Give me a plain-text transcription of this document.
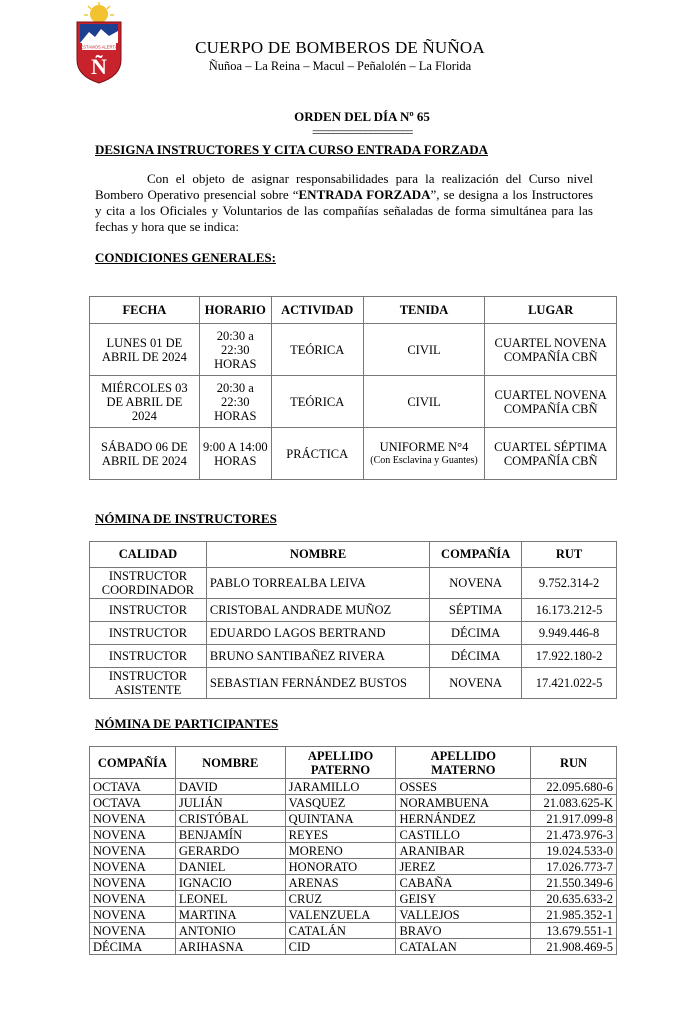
ESTAMOS ALERTA
Ñ
CUERPO DE BOMBEROS DE ÑUÑOA
Ñuñoa – La Reina – Macul – Peñalolén – La Florida
ORDEN DEL DÍA Nº 65
===================
DESIGNA INSTRUCTORES Y CITA CURSO ENTRADA FORZADA
Con el objeto de asignar responsabilidades para la realización del Curso nivel Bombero Operativo presencial sobre “ENTRADA FORZADA”, se designa a los Instructores y cita a los Oficiales y Voluntarios de las compañías señaladas de forma simultánea para las fechas y hora que se indica:
CONDICIONES GENERALES:
FECHA	HORARIO	ACTIVIDAD	TENIDA	LUGAR
LUNES 01 DE ABRIL DE 2024	20:30 a 22:30 HORAS	TEÓRICA	CIVIL	CUARTEL NOVENA COMPAÑÍA CBÑ
MIÉRCOLES 03 DE ABRIL DE 2024	20:30 a 22:30 HORAS	TEÓRICA	CIVIL	CUARTEL NOVENA COMPAÑÍA CBÑ
SÁBADO 06 DE ABRIL DE 2024	9:00 A 14:00 HORAS	PRÁCTICA	UNIFORME N°4
(Con Esclavina y Guantes)	CUARTEL SÉPTIMA COMPAÑÍA CBÑ
NÓMINA DE INSTRUCTORES
CALIDAD	NOMBRE	COMPAÑÍA	RUT
INSTRUCTOR COORDINADOR	PABLO TORREALBA LEIVA	NOVENA	9.752.314-2
INSTRUCTOR	CRISTOBAL ANDRADE MUÑOZ	SÉPTIMA	16.173.212-5
INSTRUCTOR	EDUARDO LAGOS BERTRAND	DÉCIMA	9.949.446-8
INSTRUCTOR	BRUNO SANTIBAÑEZ RIVERA	DÉCIMA	17.922.180-2
INSTRUCTOR ASISTENTE	SEBASTIAN FERNÁNDEZ BUSTOS	NOVENA	17.421.022-5
NÓMINA DE PARTICIPANTES
COMPAÑÍA	NOMBRE	APELLIDO PATERNO	APELLIDO MATERNO	RUN
OCTAVA	DAVID	JARAMILLO	OSSES	22.095.680-6
OCTAVA	JULIÁN	VASQUEZ	NORAMBUENA	21.083.625-K
NOVENA	CRISTÓBAL	QUINTANA	HERNÁNDEZ	21.917.099-8
NOVENA	BENJAMÍN	REYES	CASTILLO	21.473.976-3
NOVENA	GERARDO	MORENO	ARANIBAR	19.024.533-0
NOVENA	DANIEL	HONORATO	JEREZ	17.026.773-7
NOVENA	IGNACIO	ARENAS	CABAÑA	21.550.349-6
NOVENA	LEONEL	CRUZ	GEISY	20.635.633-2
NOVENA	MARTINA	VALENZUELA	VALLEJOS	21.985.352-1
NOVENA	ANTONIO	CATALÁN	BRAVO	13.679.551-1
DÉCIMA	ARIHASNA	CID	CATALAN	21.908.469-5
